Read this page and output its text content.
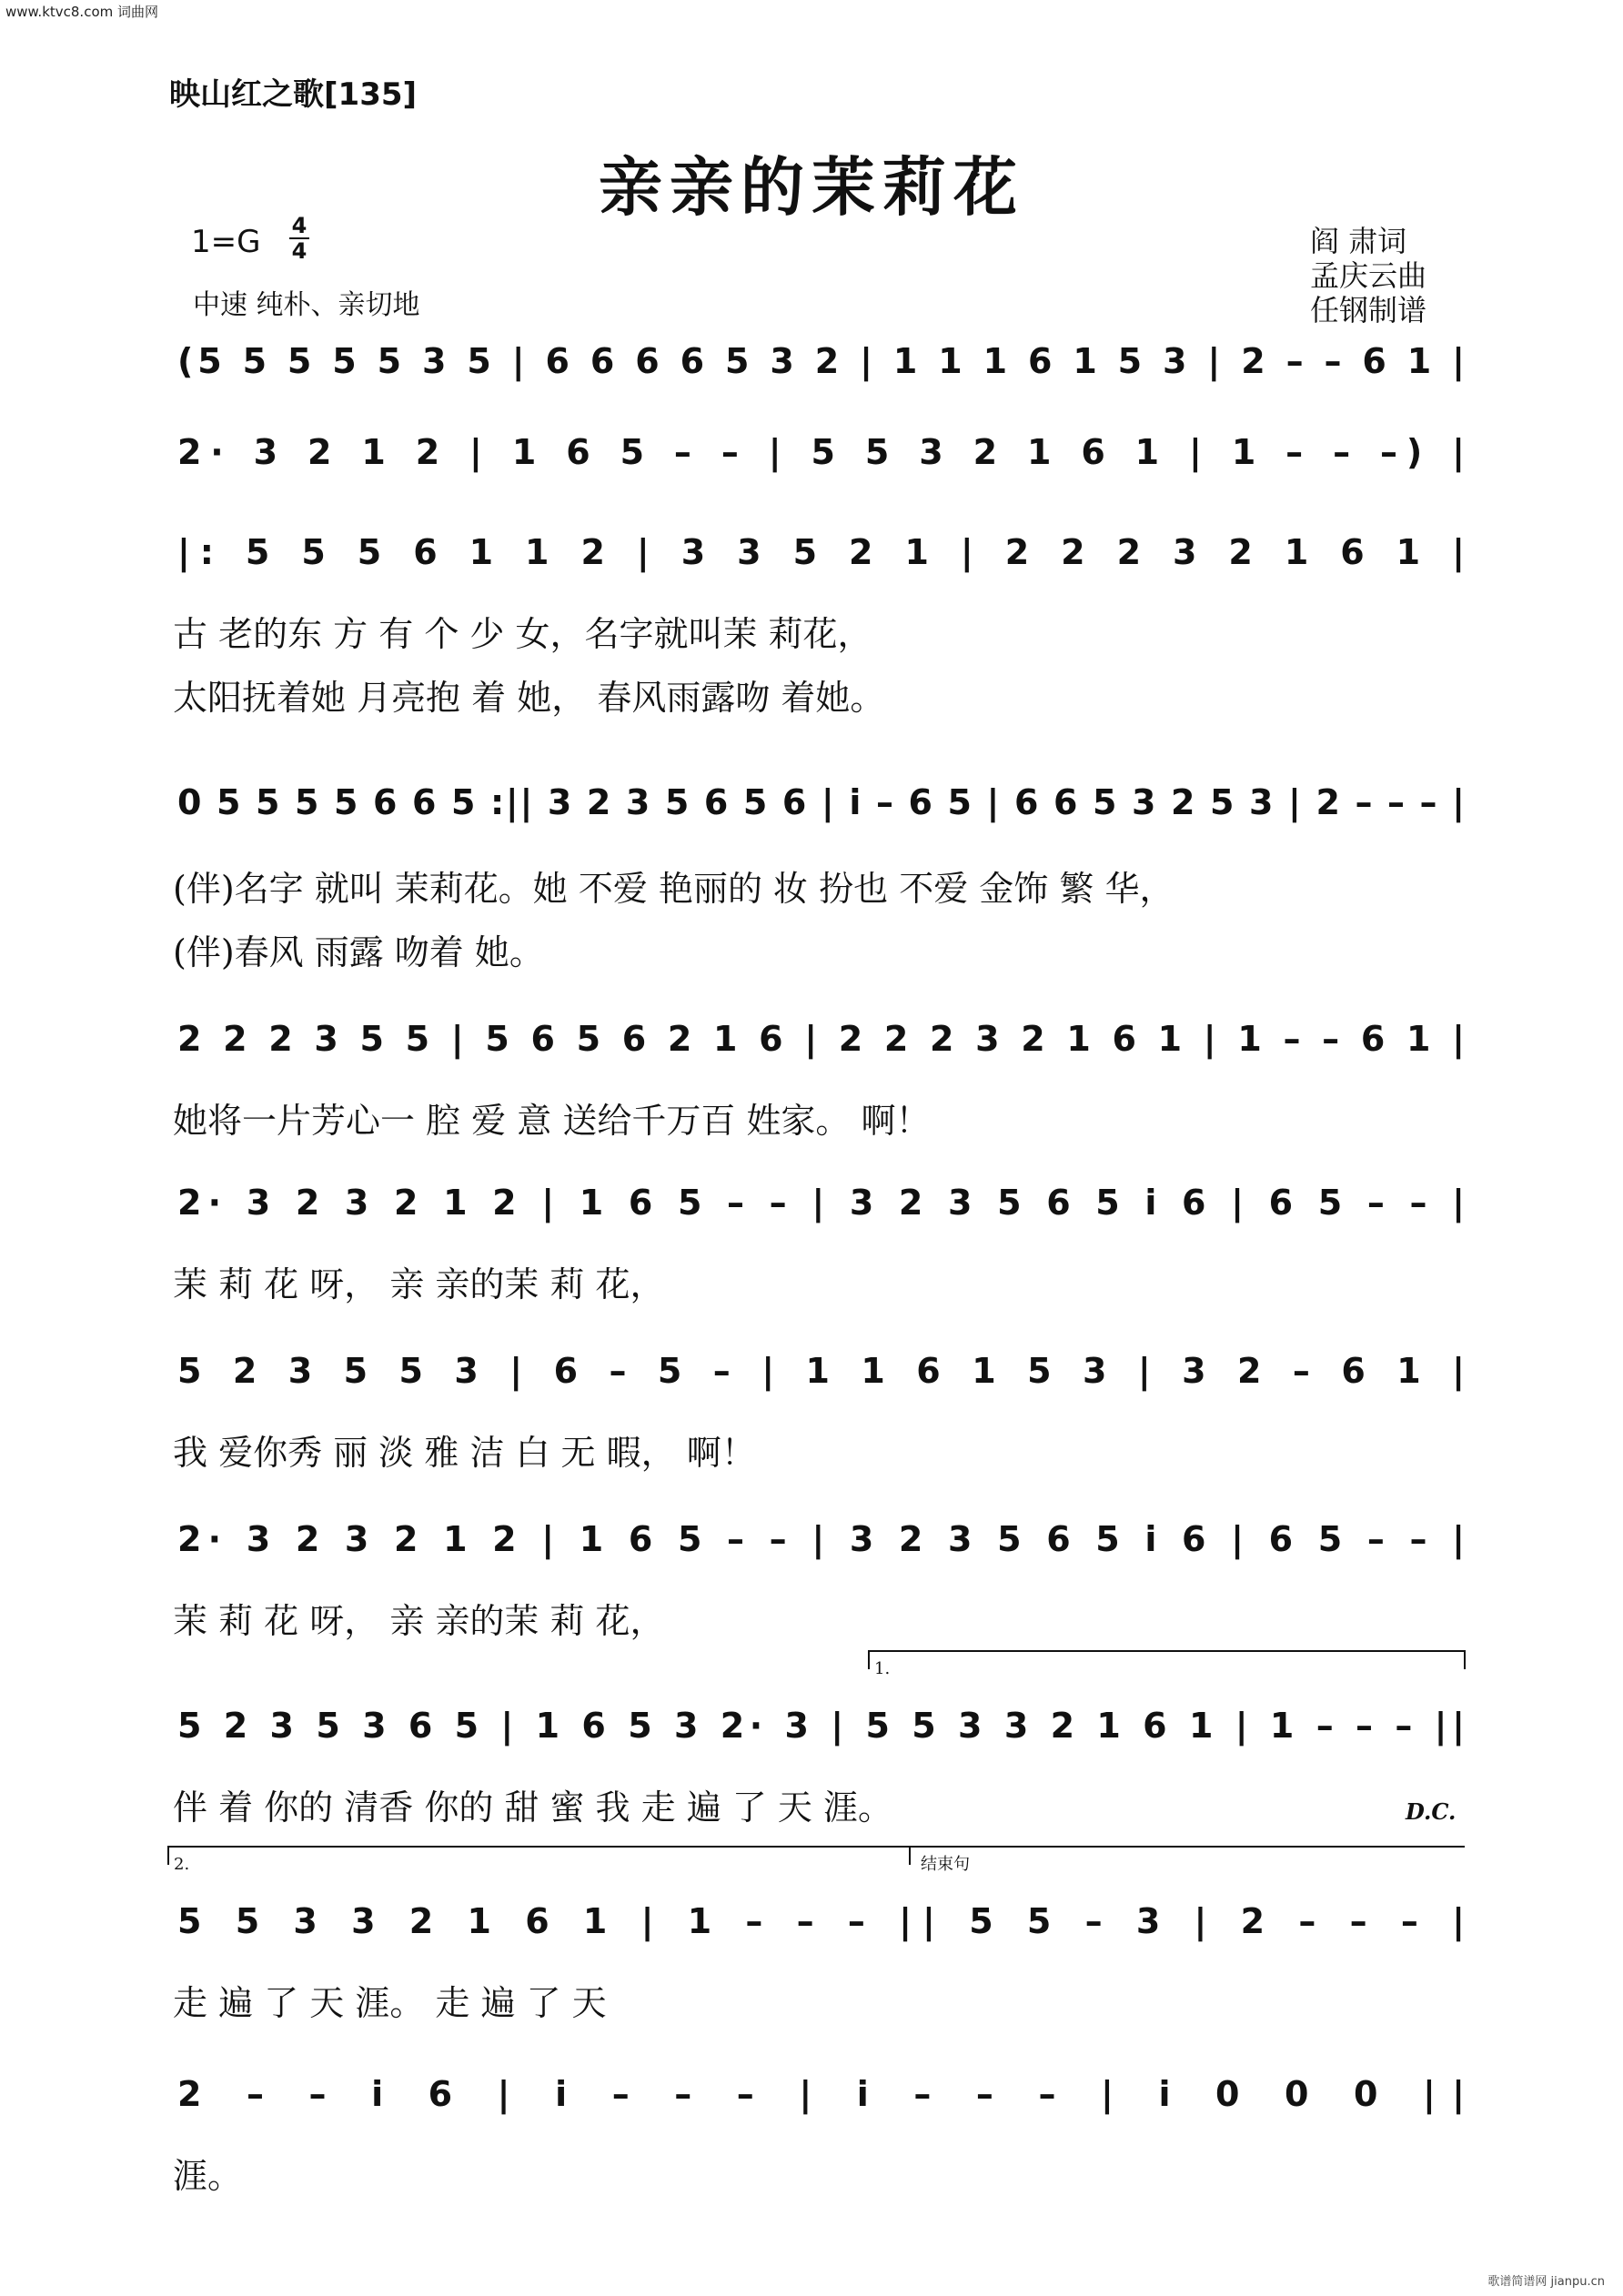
www.ktvc8.com 词曲网
歌谱简谱网 jianpu.cn
映山红之歌[135]
亲亲的茉莉花
1=G 4
4
中速 纯朴、亲切地
阎 肃词
孟庆云曲
任钢制谱
(5 5 5 5 5 3 5 | 6 6 6 6 5 3 2 | 1 1 1 6 1 5 3 | 2 – – 6 1 |
2· 3 2 1 2 | 1 6 5 – – | 5 5 3 2 1 6 1 | 1 – – –) |
|: 5 5 5 6 1 1 2 | 3 3 5 2 1 | 2 2 2 3 2 1 6 1 |
古 老的东 方 有 个 少 女，名字就叫茉 莉花，
太阳抚着她 月亮抱 着 她， 春风雨露吻 着她。
0 5 5 5 5 6 6 5 :|| 3 2 3 5 6 5 6 | i – 6 5 | 6 6 5 3 2 5 3 | 2 – – – |
(伴)名字 就叫 茉莉花。她 不爱 艳丽的 妆 扮也 不爱 金饰 繁 华，
(伴)春风 雨露 吻着 她。
2 2 2 3 5 5 | 5 6 5 6 2 1 6 | 2 2 2 3 2 1 6 1 | 1 – – 6 1 |
她将一片芳心一 腔 爱 意 送给千万百 姓家。 啊！
2· 3 2 3 2 1 2 | 1 6 5 – – | 3 2 3 5 6 5 i 6 | 6 5 – – |
茉 莉 花 呀， 亲 亲的茉 莉 花，
5 2 3 5 5 3 | 6 – 5 – | 1 1 6 1 5 3 | 3 2 – 6 1 |
我 爱你秀 丽 淡 雅 洁 白 无 暇， 啊！
2· 3 2 3 2 1 2 | 1 6 5 – – | 3 2 3 5 6 5 i 6 | 6 5 – – |
茉 莉 花 呀， 亲 亲的茉 莉 花，
5 2 3 5 3 6 5 | 1 6 5 3 2· 3 | 5 5 3 3 2 1 6 1 | 1 – – – ||
1.
伴 着 你的 清香 你的 甜 蜜 我 走 遍 了 天 涯。	D.C.
5 5 3 3 2 1 6 1 | 1 – – – || 5 5 – 3 | 2 – – – |
2.	结束句
走 遍 了 天 涯。 走 遍 了 天
2 – – i 6 | i – – – | i – – – | i 0 0 0 ||
涯。
